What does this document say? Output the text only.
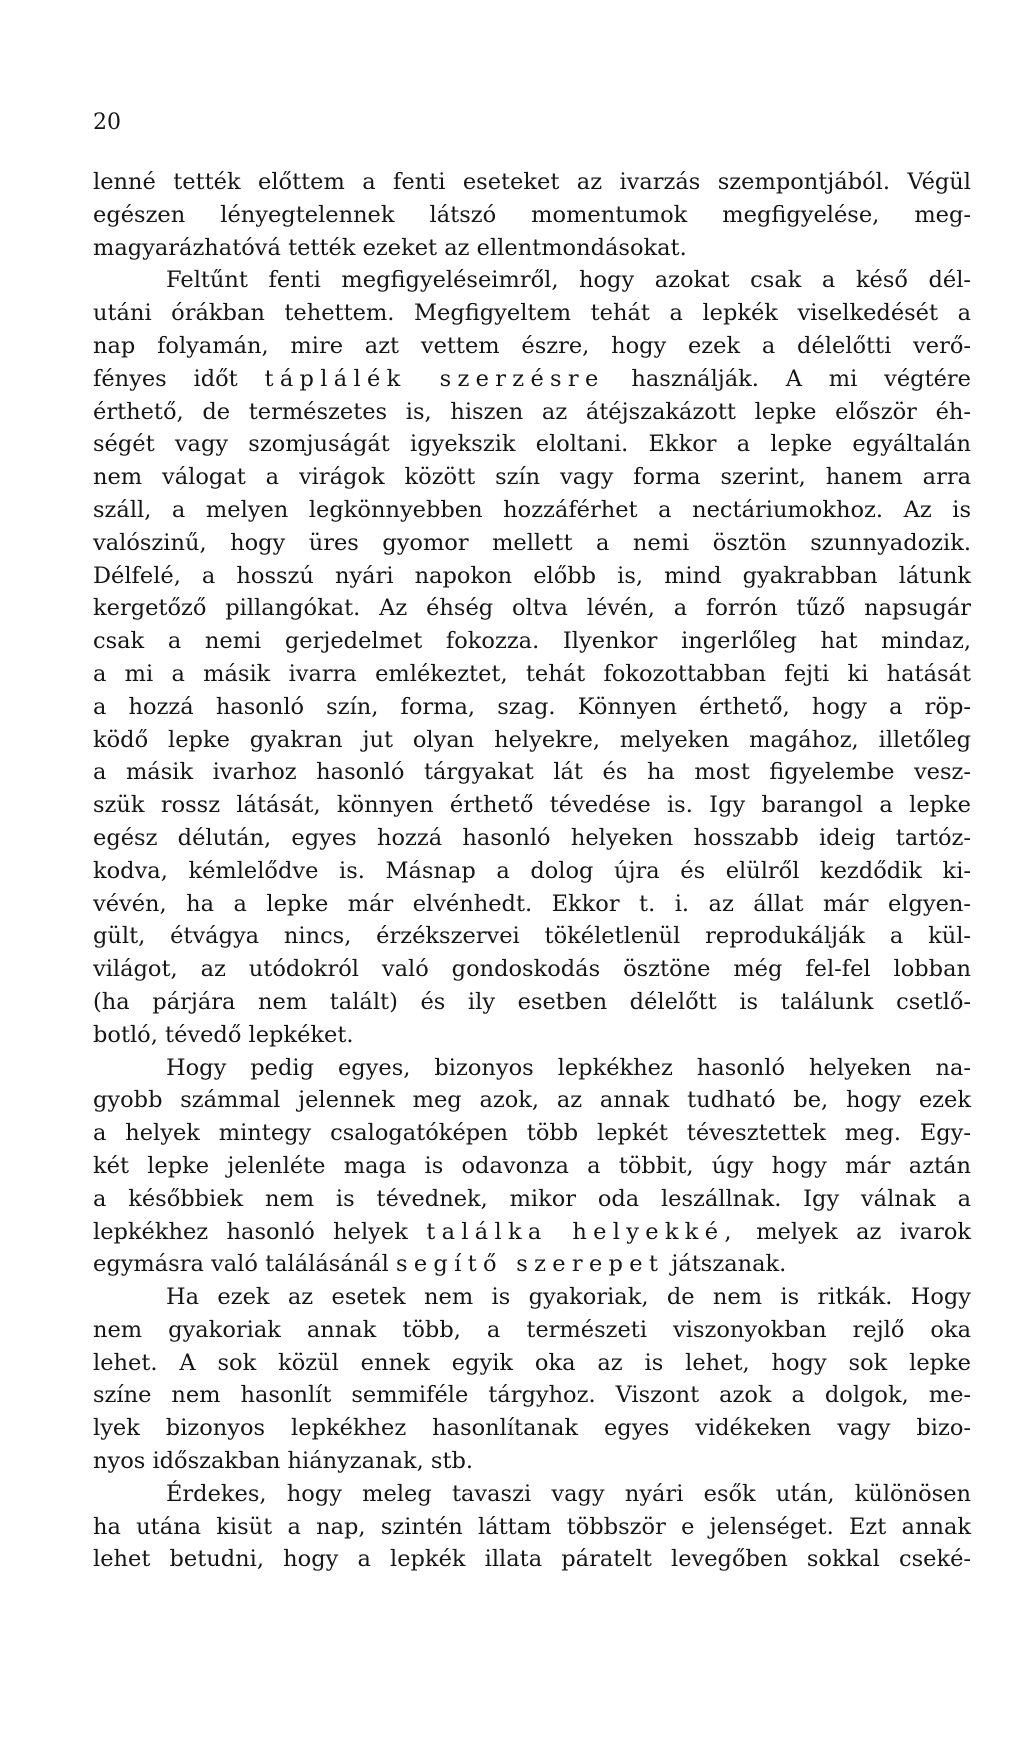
20
lenné tették előttem a fenti eseteket az ivarzás szempontjából. Végül
egészen lényegtelennek látszó momentumok megfigyelése, meg-
magyarázhatóvá tették ezeket az ellentmondásokat.
Feltűnt fenti megfigyeléseimről, hogy azokat csak a késő dél-
utáni órákban tehettem. Megfigyeltem tehát a lepkék viselkedését a
nap folyamán, mire azt vettem észre, hogy ezek a délelőtti verő-
fényes időt táplálék szerzésre használják. A mi végtére
érthető, de természetes is, hiszen az átéjszakázott lepke először éh-
ségét vagy szomjuságát igyekszik eloltani. Ekkor a lepke egyáltalán
nem válogat a virágok között szín vagy forma szerint, hanem arra
száll, a melyen legkönnyebben hozzáférhet a nectáriumokhoz. Az is
valószinű, hogy üres gyomor mellett a nemi ösztön szunnyadozik.
Délfelé, a hosszú nyári napokon előbb is, mind gyakrabban látunk
kergetőző pillangókat. Az éhség oltva lévén, a forrón tűző napsugár
csak a nemi gerjedelmet fokozza. Ilyenkor ingerlőleg hat mindaz,
a mi a másik ivarra emlékeztet, tehát fokozottabban fejti ki hatását
a hozzá hasonló szín, forma, szag. Könnyen érthető, hogy a röp-
ködő lepke gyakran jut olyan helyekre, melyeken magához, illetőleg
a másik ivarhoz hasonló tárgyakat lát és ha most figyelembe vesz-
szük rossz látását, könnyen érthető tévedése is. Igy barangol a lepke
egész délután, egyes hozzá hasonló helyeken hosszabb ideig tartóz-
kodva, kémlelődve is. Másnap a dolog újra és elülről kezdődik ki-
vévén, ha a lepke már elvénhedt. Ekkor t. i. az állat már elgyen-
gült, étvágya nincs, érzékszervei tökéletlenül reprodukálják a kül-
világot, az utódokról való gondoskodás ösztöne még fel-fel lobban
(ha párjára nem talált) és ily esetben délelőtt is találunk csetlő-
botló, tévedő lepkéket.
Hogy pedig egyes, bizonyos lepkékhez hasonló helyeken na-
gyobb számmal jelennek meg azok, az annak tudható be, hogy ezek
a helyek mintegy csalogatóképen több lepkét tévesztettek meg. Egy-
két lepke jelenléte maga is odavonza a többit, úgy hogy már aztán
a későbbiek nem is tévednek, mikor oda leszállnak. Igy válnak a
lepkékhez hasonló helyek találka helyekké, melyek az ivarok
egymásra való találásánál segítő szerepet játszanak.
Ha ezek az esetek nem is gyakoriak, de nem is ritkák. Hogy
nem gyakoriak annak több, a természeti viszonyokban rejlő oka
lehet. A sok közül ennek egyik oka az is lehet, hogy sok lepke
színe nem hasonlít semmiféle tárgyhoz. Viszont azok a dolgok, me-
lyek bizonyos lepkékhez hasonlítanak egyes vidékeken vagy bizo-
nyos időszakban hiányzanak, stb.
Érdekes, hogy meleg tavaszi vagy nyári esők után, különösen
ha utána kisüt a nap, szintén láttam többször e jelenséget. Ezt annak
lehet betudni, hogy a lepkék illata páratelt levegőben sokkal cseké-
